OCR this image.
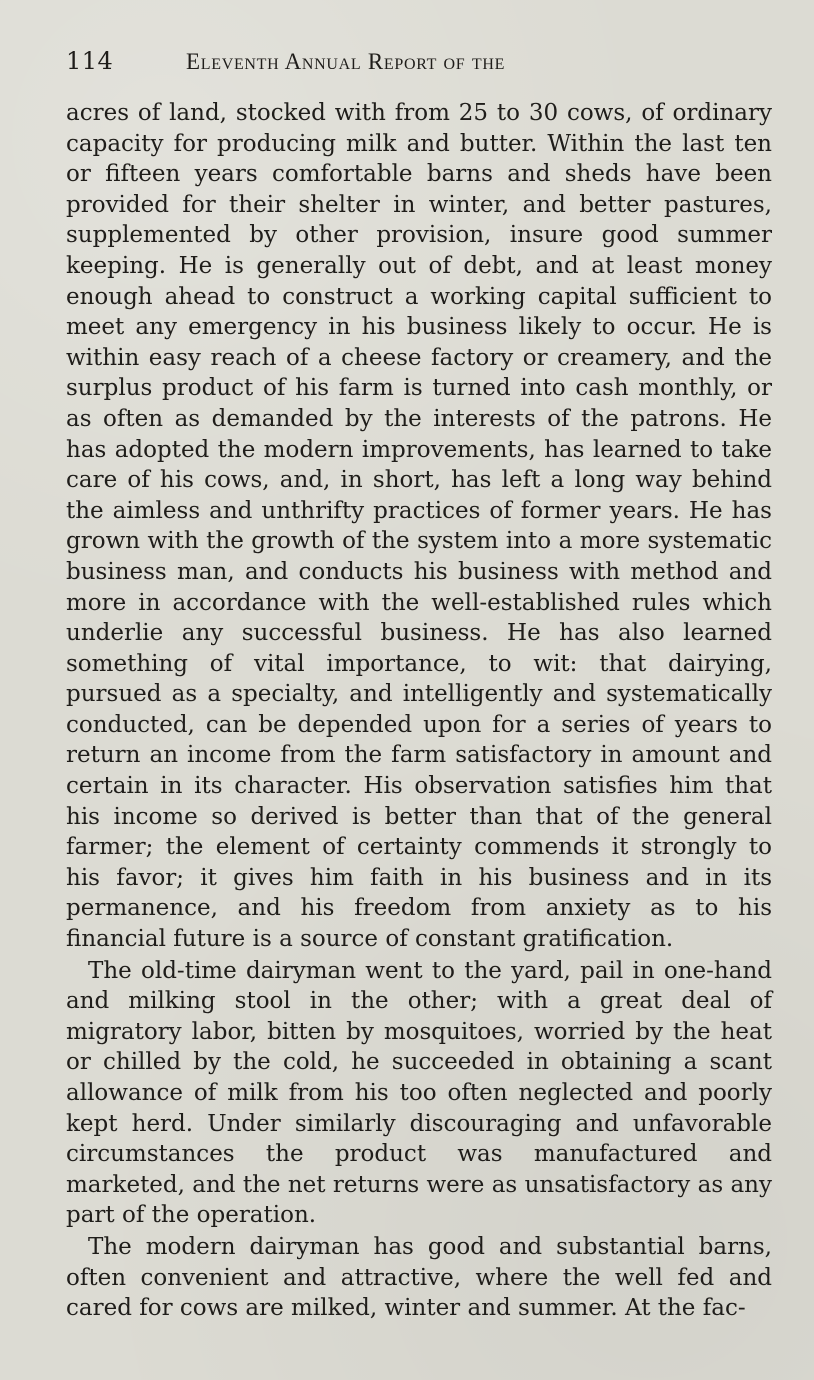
114	Eleventh Annual Report of the

acres of land, stocked with from 25 to 30 cows, of ordinary capacity for producing milk and butter. Within the last ten or fifteen years comfortable barns and sheds have been provided for their shelter in winter, and better pastures, supplemented by other provision, insure good summer keeping. He is generally out of debt, and at least money enough ahead to construct a working capital sufficient to meet any emergency in his business likely to occur. He is within easy reach of a cheese factory or creamery, and the surplus product of his farm is turned into cash monthly, or as often as demanded by the interests of the patrons. He has adopted the modern improvements, has learned to take care of his cows, and, in short, has left a long way behind the aimless and unthrifty practices of former years. He has grown with the growth of the system into a more systematic business man, and conducts his business with method and more in accordance with the well-established rules which underlie any successful business. He has also learned something of vital importance, to wit: that dairying, pursued as a specialty, and intelligently and systematically conducted, can be depended upon for a series of years to return an income from the farm satisfactory in amount and certain in its character. His observation satisfies him that his income so derived is better than that of the general farmer; the element of certainty commends it strongly to his favor; it gives him faith in his business and in its permanence, and his freedom from anxiety as to his financial future is a source of constant gratification.

The old-time dairyman went to the yard, pail in one-hand and milking stool in the other; with a great deal of migratory labor, bitten by mosquitoes, worried by the heat or chilled by the cold, he succeeded in obtaining a scant allowance of milk from his too often neglected and poorly kept herd. Under similarly discouraging and unfavorable circumstances the product was manufactured and marketed, and the net returns were as unsatisfactory as any part of the operation.

The modern dairyman has good and substantial barns, often convenient and attractive, where the well fed and cared for cows are milked, winter and summer. At the fac-
